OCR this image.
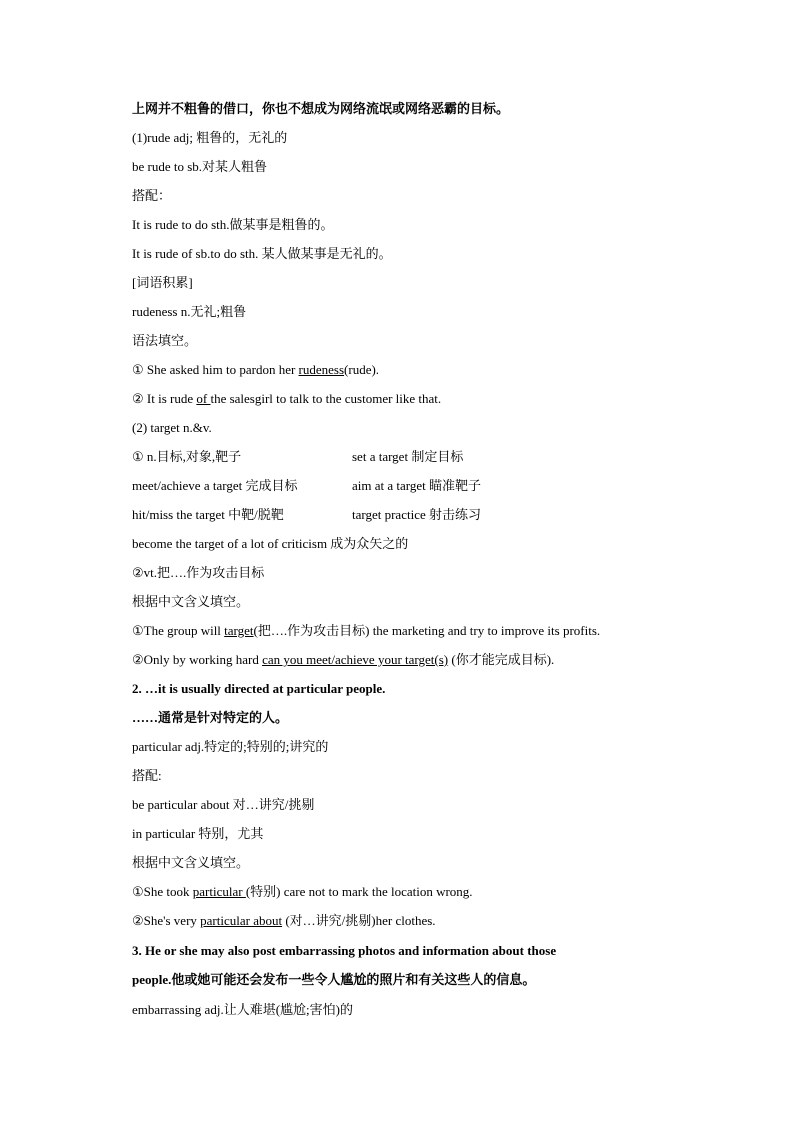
上网并不粗鲁的借口，你也不想成为网络流氓或网络恶霸的目标。
(1)rude adj; 粗鲁的，无礼的
be rude to sb.对某人粗鲁
搭配：
It is rude to do sth.做某事是粗鲁的。
It is rude of sb.to do sth. 某人做某事是无礼的。
[词语积累]
rudeness n.无礼;粗鲁
语法填空。
① She asked him to pardon her rudeness(rude).
② It is rude of the salesgirl to talk to the customer like that.
(2) target n.&v.
① n.目标,对象,靶子	set a target 制定目标
meet/achieve a target 完成目标	aim at a target 瞄准靶子
hit/miss the target 中靶/脱靶	target practice 射击练习
become the target of a lot of criticism 成为众矢之的
②vt.把….作为攻击目标
根据中文含义填空。
①The group will target(把….作为攻击目标) the marketing and try to improve its profits.
②Only by working hard can you meet/achieve your target(s) (你才能完成目标).
2. …it is usually directed at particular people.
……通常是针对特定的人。
particular adj.特定的;特别的;讲究的
搭配:
be particular about 对…讲究/挑剔
in particular 特别，尤其
根据中文含义填空。
①She took particular (特别) care not to mark the location wrong.
②She's very particular about (对…讲究/挑剔)her clothes.
3. He or she may also post embarrassing photos and information about those
people.他或她可能还会发布一些令人尴尬的照片和有关这些人的信息。
embarrassing adj.让人难堪(尴尬;害怕)的
